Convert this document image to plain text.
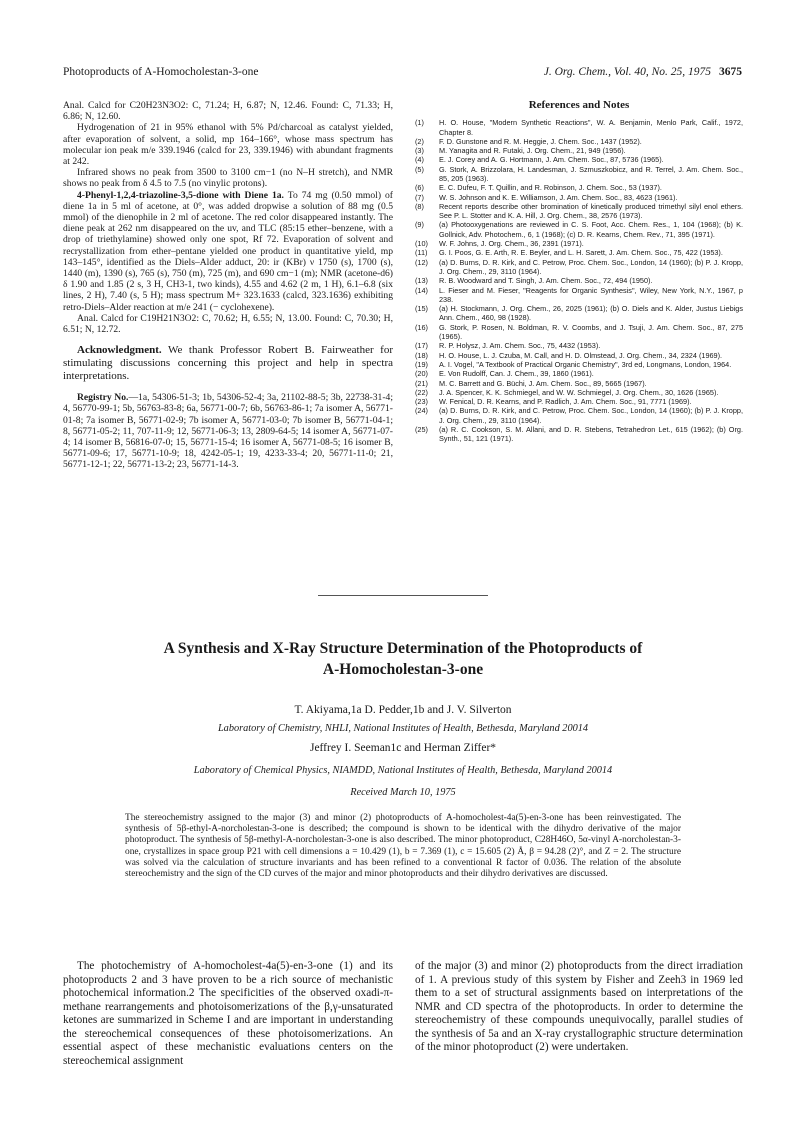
Photoproducts of A-Homocholestan-3-one	J. Org. Chem., Vol. 40, No. 25, 1975 3675

Anal. Calcd for C20H23N3O2: C, 71.24; H, 6.87; N, 12.46. Found: C, 71.33; H, 6.86; N, 12.60.

Hydrogenation of 21 in 95% ethanol with 5% Pd/charcoal as catalyst yielded, after evaporation of solvent, a solid, mp 164–166°, whose mass spectrum has molecular ion peak m/e 339.1946 (calcd for 23, 339.1946) with abundant fragments at 242.

Infrared shows no peak from 3500 to 3100 cm−1 (no N–H stretch), and NMR shows no peak from δ 4.5 to 7.5 (no vinylic protons).

4-Phenyl-1,2,4-triazoline-3,5-dione with Diene 1a. To 74 mg (0.50 mmol) of diene 1a in 5 ml of acetone, at 0°, was added dropwise a solution of 88 mg (0.5 mmol) of the dienophile in 2 ml of acetone. The red color disappeared instantly. The diene peak at 262 nm disappeared on the uv, and TLC (85:15 ether–benzene, with a drop of triethylamine) showed only one spot, Rf 72. Evaporation of solvent and recrystallization from ether–pentane yielded one product in quantitative yield, mp 143–145°, identified as the Diels–Alder adduct, 20: ir (KBr) ν 1750 (s), 1700 (s), 1440 (m), 1390 (s), 765 (s), 750 (m), 725 (m), and 690 cm−1 (m); NMR (acetone-d6) δ 1.90 and 1.85 (2 s, 3 H, CH3-1, two kinds), 4.55 and 4.62 (2 m, 1 H), 6.1–6.8 (six lines, 2 H), 7.40 (s, 5 H); mass spectrum M+ 323.1633 (calcd, 323.1636) exhibiting retro-Diels–Alder reaction at m/e 241 (− cyclohexene).

Anal. Calcd for C19H21N3O2: C, 70.62; H, 6.55; N, 13.00. Found: C, 70.30; H, 6.51; N, 12.72.

Acknowledgment. We thank Professor Robert B. Fairweather for stimulating discussions concerning this project and help in spectra interpretations.

Registry No.—1a, 54306-51-3; 1b, 54306-52-4; 3a, 21102-88-5; 3b, 22738-31-4; 4, 56770-99-1; 5b, 56763-83-8; 6a, 56771-00-7; 6b, 56763-86-1; 7a isomer A, 56771-01-8; 7a isomer B, 56771-02-9; 7b isomer A, 56771-03-0; 7b isomer B, 56771-04-1; 8, 56771-05-2; 11, 707-11-9; 12, 56771-06-3; 13, 2809-64-5; 14 isomer A, 56771-07-4; 14 isomer B, 56816-07-0; 15, 56771-15-4; 16 isomer A, 56771-08-5; 16 isomer B, 56771-09-6; 17, 56771-10-9; 18, 4242-05-1; 19, 4233-33-4; 20, 56771-11-0; 21, 56771-12-1; 22, 56771-13-2; 23, 56771-14-3.

References and Notes
(1) H. O. House, "Modern Synthetic Reactions", W. A. Benjamin, Menlo Park, Calif., 1972, Chapter 8.
(2) F. D. Gunstone and R. M. Heggie, J. Chem. Soc., 1437 (1952).
(3) M. Yanagita and R. Futaki, J. Org. Chem., 21, 949 (1956).
(4) E. J. Corey and A. G. Hortmann, J. Am. Chem. Soc., 87, 5736 (1965).
(5) G. Stork, A. Brizzolara, H. Landesman, J. Szmuszkobicz, and R. Terrel, J. Am. Chem. Soc., 85, 205 (1963).
(6) E. C. Dufeu, F. T. Quillin, and R. Robinson, J. Chem. Soc., 53 (1937).
(7) W. S. Johnson and K. E. Williamson, J. Am. Chem. Soc., 83, 4623 (1961).
(8) Recent reports describe other bromination of kinetically produced trimethyl silyl enol ethers. See P. L. Stotter and K. A. Hill, J. Org. Chem., 38, 2576 (1973).
(9) (a) Photooxygenations are reviewed in C. S. Foot, Acc. Chem. Res., 1, 104 (1968); (b) K. Gollnick, Adv. Photochem., 6, 1 (1968); (c) D. R. Kearns, Chem. Rev., 71, 395 (1971).
(10) W. F. Johns, J. Org. Chem., 36, 2391 (1971).
(11) G. I. Poos, G. E. Arth, R. E. Beyler, and L. H. Sarett, J. Am. Chem. Soc., 75, 422 (1953).
(12) (a) D. Burns, D. R. Kirk, and C. Petrow, Proc. Chem. Soc., London, 14 (1960); (b) P. J. Kropp, J. Org. Chem., 29, 3110 (1964).
(13) R. B. Woodward and T. Singh, J. Am. Chem. Soc., 72, 494 (1950).
(14) L. Fieser and M. Fieser, "Reagents for Organic Synthesis", Wiley, New York, N.Y., 1967, p 238.
(15) (a) H. Stockmann, J. Org. Chem., 26, 2025 (1961); (b) O. Diels and K. Alder, Justus Liebigs Ann. Chem., 460, 98 (1928).
(16) G. Stork, P. Rosen, N. Boldman, R. V. Coombs, and J. Tsuji, J. Am. Chem. Soc., 87, 275 (1965).
(17) R. P. Holysz, J. Am. Chem. Soc., 75, 4432 (1953).
(18) H. O. House, L. J. Czuba, M. Call, and H. D. Olmstead, J. Org. Chem., 34, 2324 (1969).
(19) A. I. Vogel, "A Textbook of Practical Organic Chemistry", 3rd ed, Longmans, London, 1964.
(20) E. Von Rudolff, Can. J. Chem., 39, 1860 (1961).
(21) M. C. Barrett and G. Büchi, J. Am. Chem. Soc., 89, 5665 (1967).
(22) J. A. Spencer, K. K. Schmiegel, and W. W. Schmiegel, J. Org. Chem., 30, 1626 (1965).
(23) W. Fenical, D. R. Kearns, and P. Radlich, J. Am. Chem. Soc., 91, 7771 (1969).
(24) (a) D. Burns, D. R. Kirk, and C. Petrow, Proc. Chem. Soc., London, 14 (1960); (b) P. J. Kropp, J. Org. Chem., 29, 3110 (1964).
(25) (a) R. C. Cookson, S. M. Allani, and D. R. Stebens, Tetrahedron Let., 615 (1962); (b) Org. Synth., 51, 121 (1971).
A Synthesis and X-Ray Structure Determination of the Photoproducts of
A-Homocholestan-3-one
T. Akiyama,1a D. Pedder,1b and J. V. Silverton
Laboratory of Chemistry, NHLI, National Institutes of Health, Bethesda, Maryland 20014
Jeffrey I. Seeman1c and Herman Ziffer*
Laboratory of Chemical Physics, NIAMDD, National Institutes of Health, Bethesda, Maryland 20014
Received March 10, 1975
The stereochemistry assigned to the major (3) and minor (2) photoproducts of A-homocholest-4a(5)-en-3-one has been reinvestigated. The synthesis of 5β-ethyl-A-norcholestan-3-one is described; the compound is shown to be identical with the dihydro derivative of the major photoproduct. The synthesis of 5β-methyl-A-norcholestan-3-one is also described. The minor photoproduct, C28H46O, 5α-vinyl A-norcholestan-3-one, crystallizes in space group P21 with cell dimensions a = 10.429 (1), b = 7.369 (1), c = 15.605 (2) Å, β = 94.28 (2)°, and Z = 2. The structure was solved via the calculation of structure invariants and has been refined to a conventional R factor of 0.036. The relation of the absolute stereochemistry and the sign of the CD curves of the major and minor photoproducts and their dihydro derivatives are discussed.

The photochemistry of A-homocholest-4a(5)-en-3-one (1) and its photoproducts 2 and 3 have proven to be a rich source of mechanistic photochemical information.2 The specificities of the observed oxadi-π-methane rearrangements and photoisomerizations of the β,γ-unsaturated ketones are summarized in Scheme I and are important in understanding the stereochemical consequences of these photoisomerizations. An essential aspect of these mechanistic evaluations centers on the stereochemical assignment

of the major (3) and minor (2) photoproducts from the direct irradiation of 1. A previous study of this system by Fisher and Zeeh3 in 1969 led them to a set of structural assignments based on interpretations of the NMR and CD spectra of the photoproducts. In order to determine the stereochemistry of these compounds unequivocally, parallel studies of the synthesis of 5a and an X-ray crystallographic structure determination of the minor photoproduct (2) were undertaken.
